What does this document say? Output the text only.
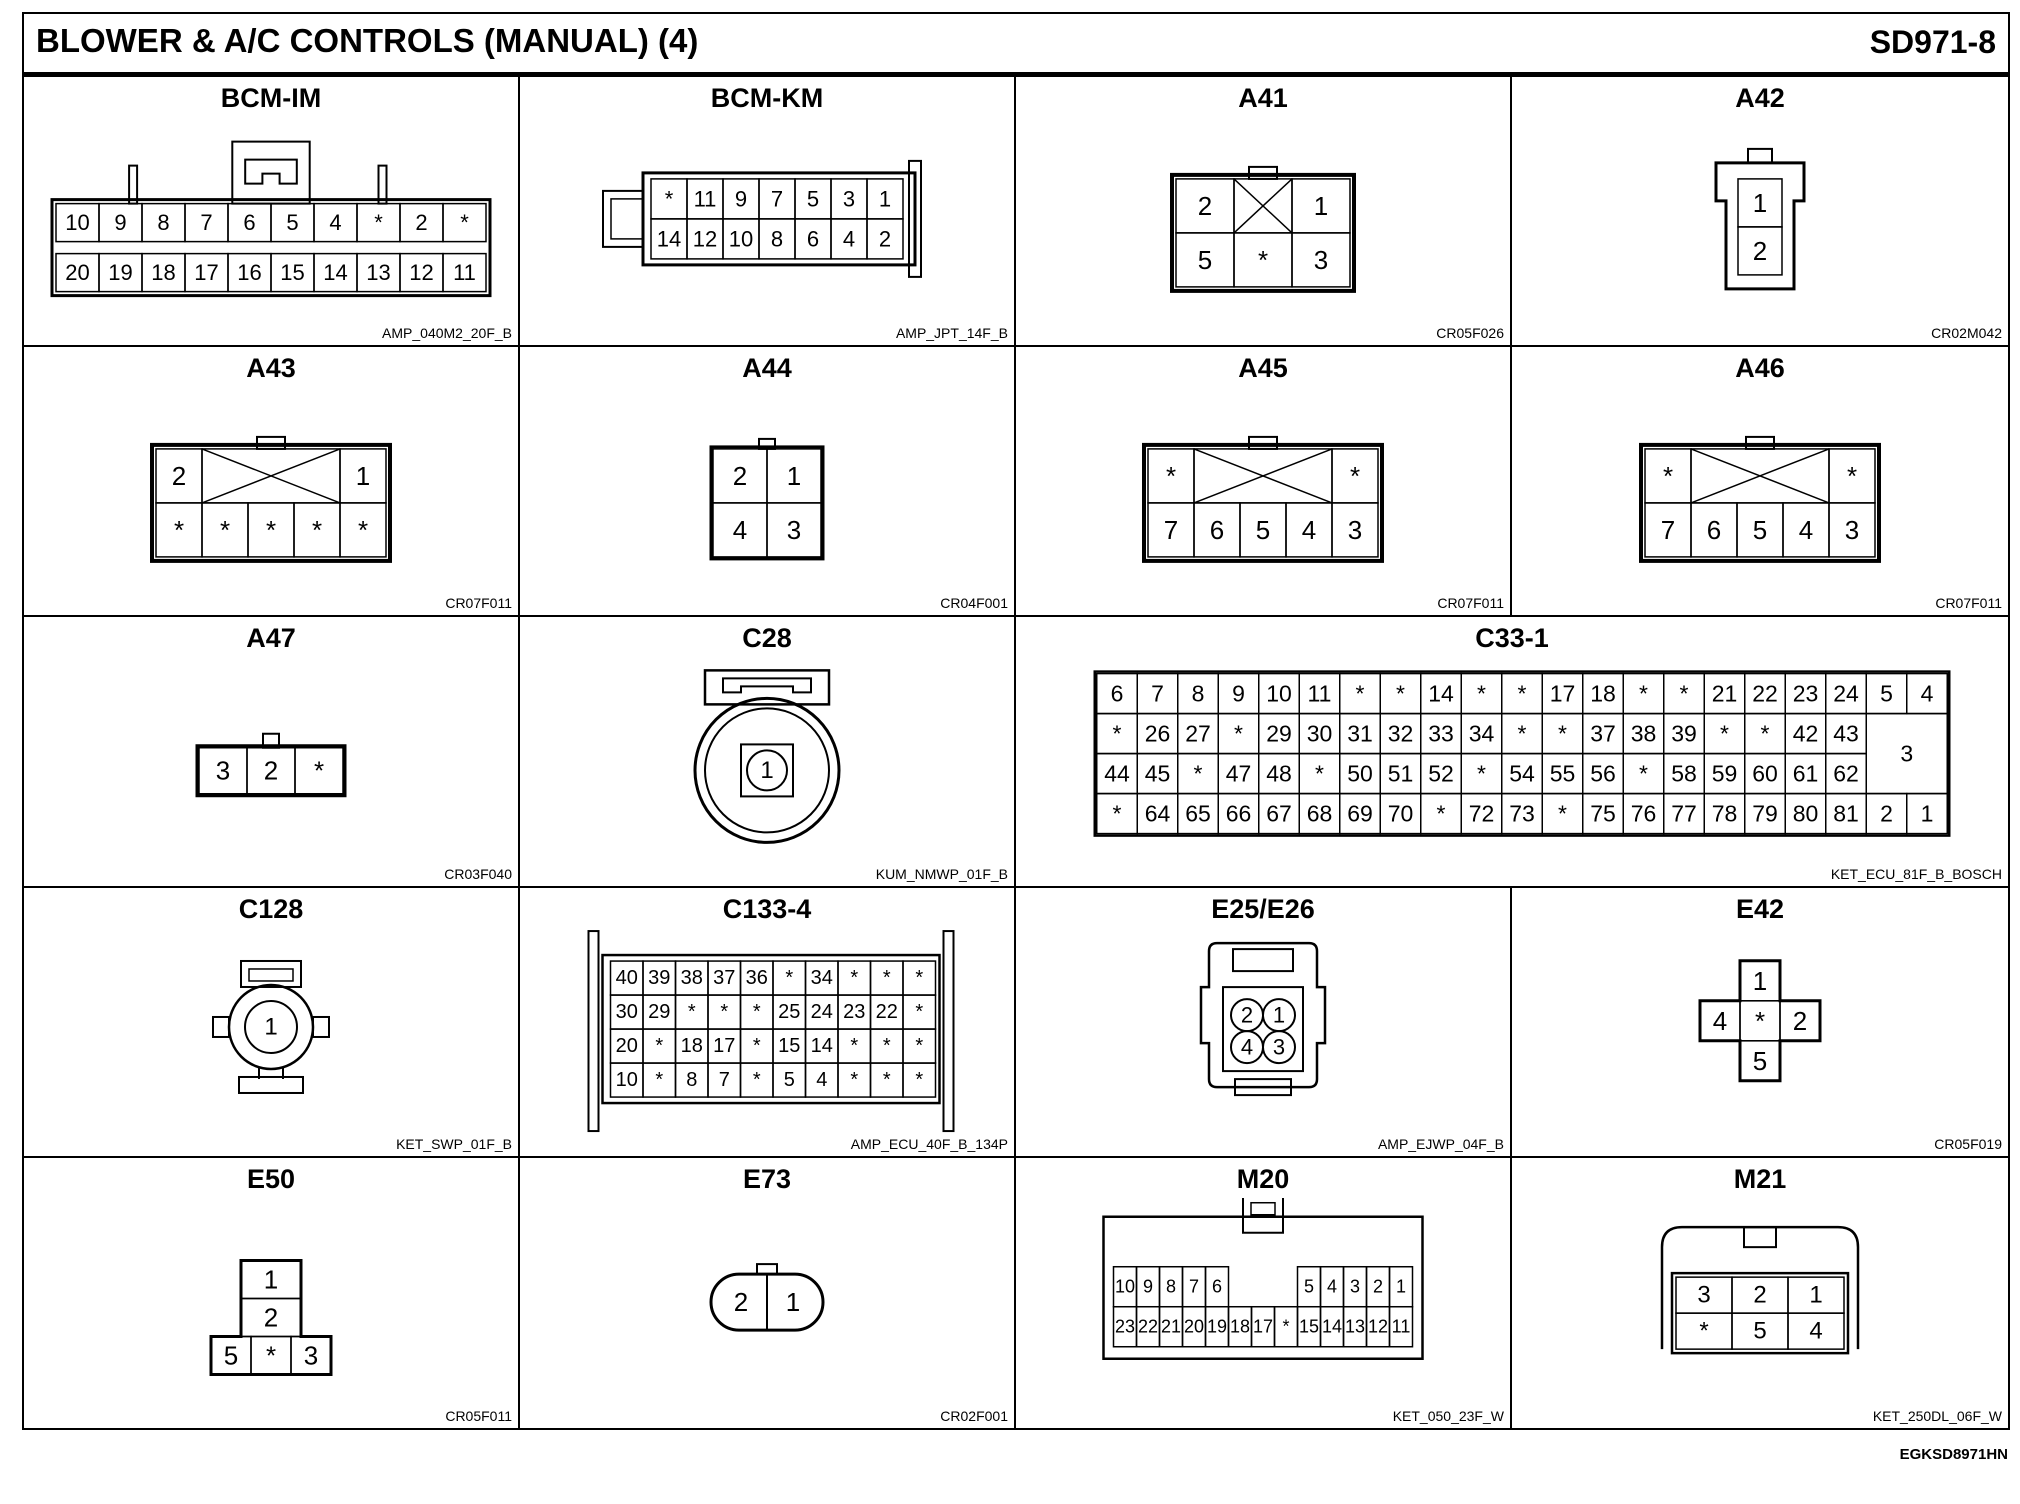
BLOWER & A/C CONTROLS (MANUAL) (4)	SD971-8
BCM-IM
10 9 8 7 6 5 4 * 2 *
20 19 18 17 16 15 14 13 12 11
AMP_040M2_20F_B
BCM-KM
* 11 9 7 5 3 1
14 12 10 8 6 4 2
AMP_JPT_14F_B
A41
2	1
5 * 3
CR05F026
A42
1
2
CR02M042
A43
2	1
* * * * *
CR07F011
A44
2 1
4 3
CR04F001
A45
*	*
7 6 5 4 3
CR07F011
A46
*	*
7 6 5 4 3
CR07F011
A47
3 2 *
CR03F040
C28
1
KUM_NMWP_01F_B
C33-1
6 7 8 9 10 11 * * 14 * * 17 18 * * 21 22 23 24 5 4
* 26 27 * 29 30 31 32 33 34 * * 37 38 39 * * 42 43
44 45 * 47 48 * 50 51 52 * 54 55 56 * 58 59 60 61 62
* 64 65 66 67 68 69 70 * 72 73 * 75 76 77 78 79 80 81 2 1
3
KET_ECU_81F_B_BOSCH
C128
1
KET_SWP_01F_B
C133-4
40 39 38 37 36 * 34 * * *
30 29 * * * 25 24 23 22 *
20 * 18 17 * 15 14 * * *
10 * 8 7 * 5 4 * * *
AMP_ECU_40F_B_134P
E25/E26
2 1
4 3
AMP_EJWP_04F_B
E42
1
4 * 2
5
CR05F019
E50
1
2
5 * 3
CR05F011
E73
2 1
CR02F001
M20
10 9 8 7 6	5 4 3 2 1
23 22 21 20 19 18 17 * 15 14 13 12 11
KET_050_23F_W
M21
3 2 1
* 5 4
KET_250DL_06F_W
EGKSD8971HN
